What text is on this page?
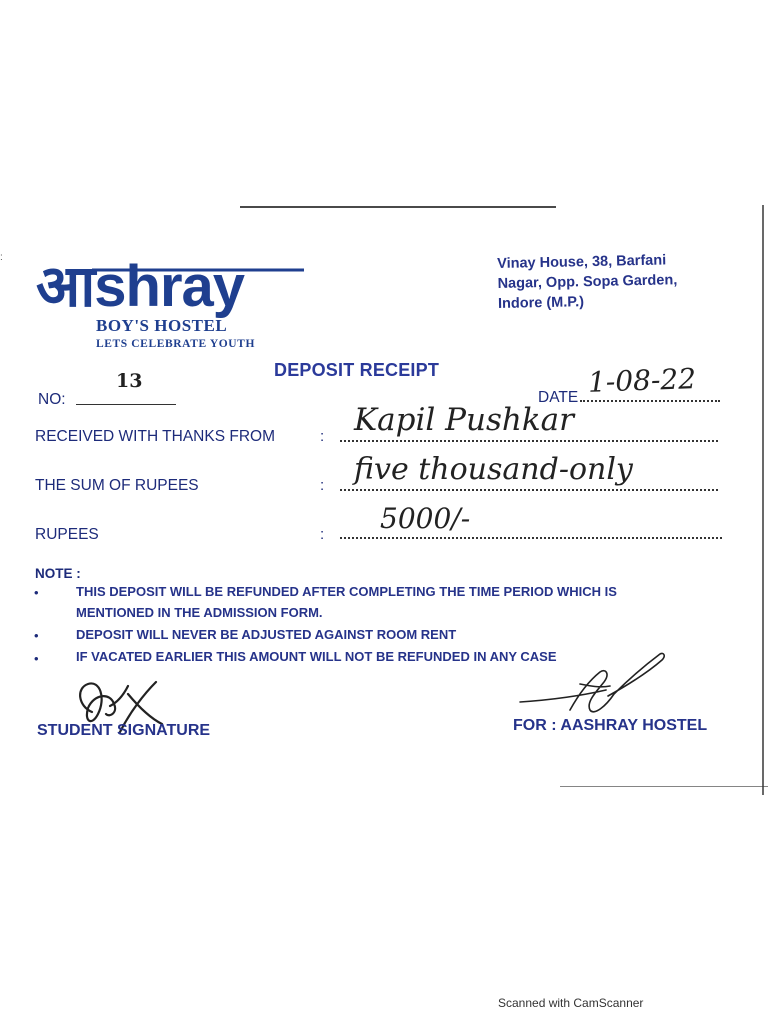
: आshray
BOY'S HOSTEL
LETS CELEBRATE YOUTH
Vinay House, 38, Barfani
Nagar, Opp. Sopa Garden,
Indore (M.P.)
DEPOSIT RECEIPT
NO:
13
DATE 1-08-22
RECEIVED WITH THANKS FROM	: Kapil Pushkar
THE SUM OF RUPEES	: five thousand-only
RUPEES	: 5000/-
NOTE :
•	THIS DEPOSIT WILL BE REFUNDED AFTER COMPLETING THE TIME PERIOD WHICH IS
MENTIONED IN THE ADMISSION FORM.
•	DEPOSIT WILL NEVER BE ADJUSTED AGAINST ROOM RENT
•	IF VACATED EARLIER THIS AMOUNT WILL NOT BE REFUNDED IN ANY CASE
STUDENT SIGNATURE	FOR : AASHRAY HOSTEL
Scanned with CamScanner
